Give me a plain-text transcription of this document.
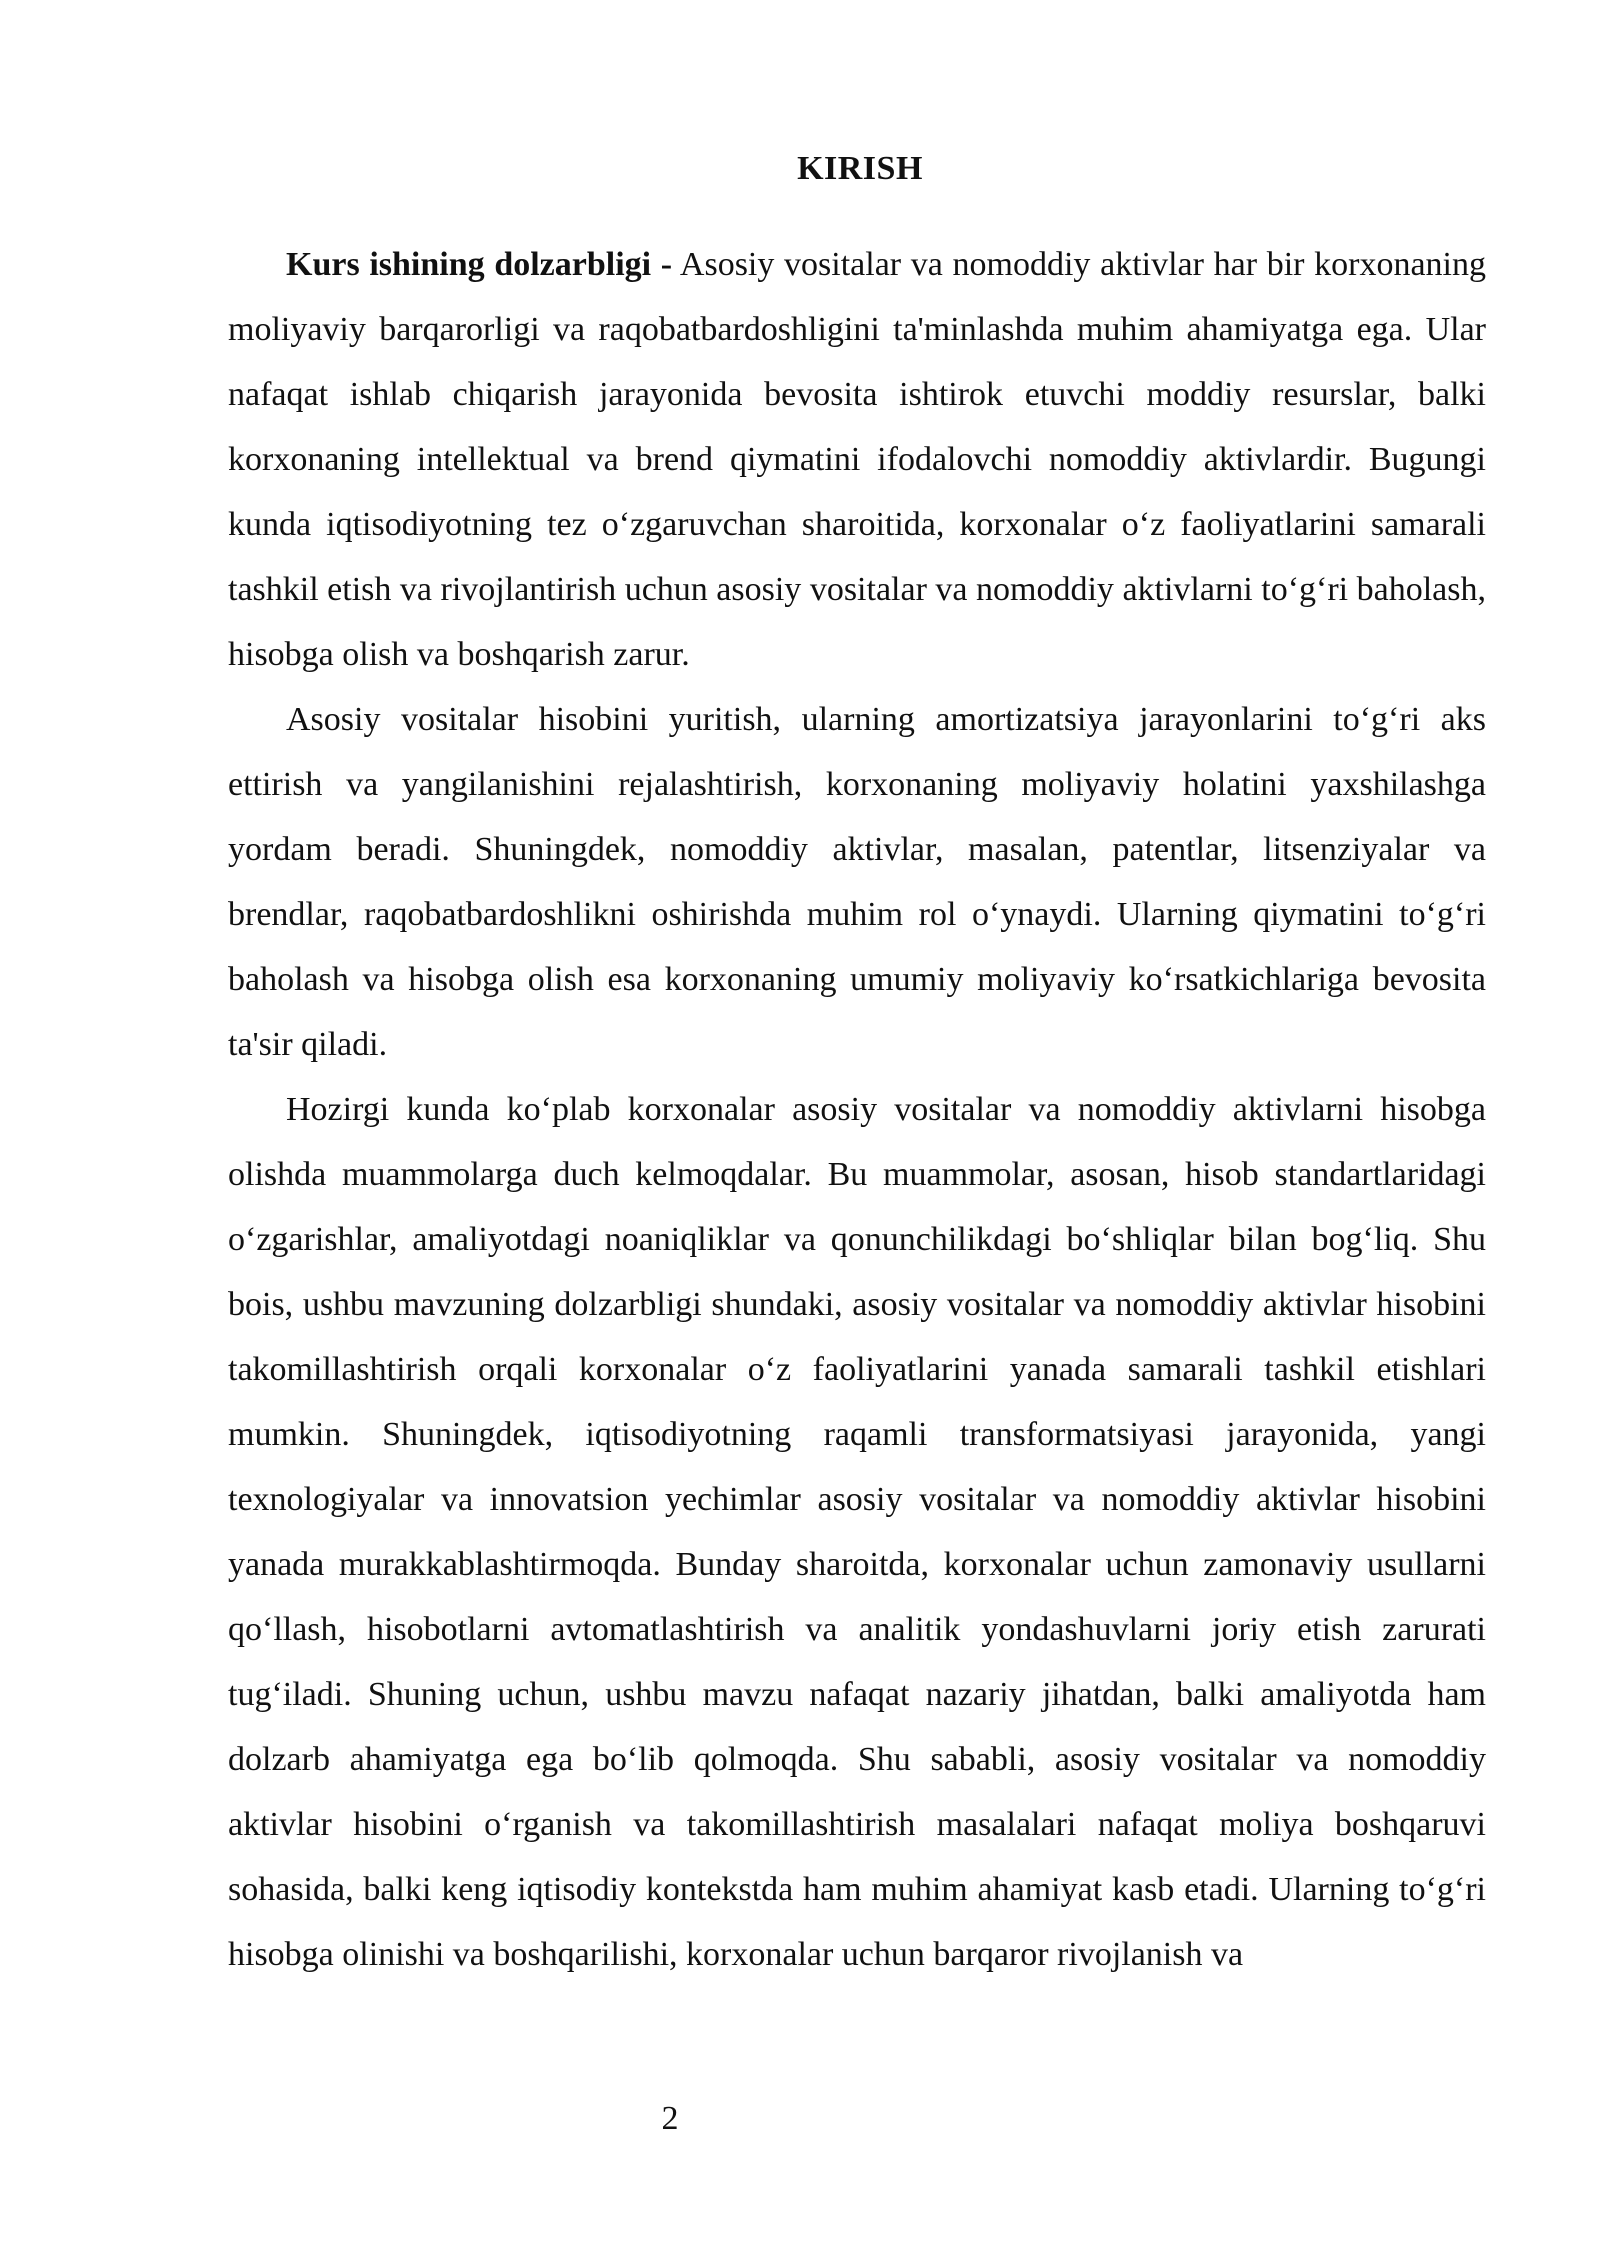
KIRISH

Kurs ishining dolzarbligi - Asosiy vositalar va nomoddiy aktivlar har bir korxonaning moliyaviy barqarorligi va raqobatbardoshligini ta'minlashda muhim ahamiyatga ega. Ular nafaqat ishlab chiqarish jarayonida bevosita ishtirok etuvchi moddiy resurslar, balki korxonaning intellektual va brend qiymatini ifodalovchi nomoddiy aktivlardir. Bugungi kunda iqtisodiyotning tez o‘zgaruvchan sharoitida, korxonalar o‘z faoliyatlarini samarali tashkil etish va rivojlantirish uchun asosiy vositalar va nomoddiy aktivlarni to‘g‘ri baholash, hisobga olish va boshqarish zarur.

Asosiy vositalar hisobini yuritish, ularning amortizatsiya jarayonlarini to‘g‘ri aks ettirish va yangilanishini rejalashtirish, korxonaning moliyaviy holatini yaxshilashga yordam beradi. Shuningdek, nomoddiy aktivlar, masalan, patentlar, litsenziyalar va brendlar, raqobatbardoshlikni oshirishda muhim rol o‘ynaydi. Ularning qiymatini to‘g‘ri baholash va hisobga olish esa korxonaning umumiy moliyaviy ko‘rsatkichlariga bevosita ta'sir qiladi.

Hozirgi kunda ko‘plab korxonalar asosiy vositalar va nomoddiy aktivlarni hisobga olishda muammolarga duch kelmoqdalar. Bu muammolar, asosan, hisob standartlaridagi o‘zgarishlar, amaliyotdagi noaniqliklar va qonunchilikdagi bo‘shliqlar bilan bog‘liq. Shu bois, ushbu mavzuning dolzarbligi shundaki, asosiy vositalar va nomoddiy aktivlar hisobini takomillashtirish orqali korxonalar o‘z faoliyatlarini yanada samarali tashkil etishlari mumkin. Shuningdek, iqtisodiyotning raqamli transformatsiyasi jarayonida, yangi texnologiyalar va innovatsion yechimlar asosiy vositalar va nomoddiy aktivlar hisobini yanada murakkablashtirmoqda. Bunday sharoitda, korxonalar uchun zamonaviy usullarni qo‘llash, hisobotlarni avtomatlashtirish va analitik yondashuvlarni joriy etish zarurati tug‘iladi. Shuning uchun, ushbu mavzu nafaqat nazariy jihatdan, balki amaliyotda ham dolzarb ahamiyatga ega bo‘lib qolmoqda. Shu sababli, asosiy vositalar va nomoddiy aktivlar hisobini o‘rganish va takomillashtirish masalalari nafaqat moliya boshqaruvi sohasida, balki keng iqtisodiy kontekstda ham muhim ahamiyat kasb etadi. Ularning to‘g‘ri hisobga olinishi va boshqarilishi, korxonalar uchun barqaror rivojlanish va

2
